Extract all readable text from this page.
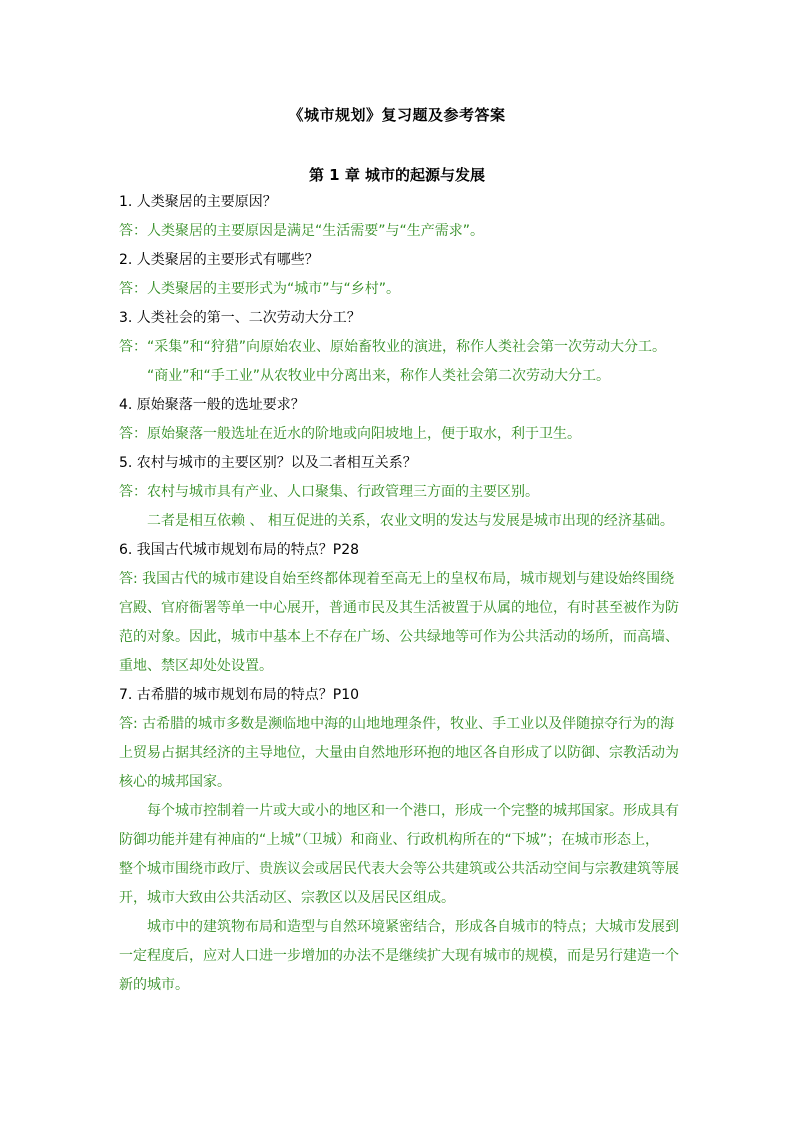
《城市规划》复习题及参考答案
第 1 章 城市的起源与发展
1. 人类聚居的主要原因？
答：人类聚居的主要原因是满足“生活需要”与“生产需求”。
2. 人类聚居的主要形式有哪些？
答：人类聚居的主要形式为“城市”与“乡村”。
3. 人类社会的第一、二次劳动大分工？
答：“采集”和“狩猎”向原始农业、原始畜牧业的演进，称作人类社会第一次劳动大分工。
“商业”和“手工业”从农牧业中分离出来，称作人类社会第二次劳动大分工。
4. 原始聚落一般的选址要求？
答：原始聚落一般选址在近水的阶地或向阳坡地上，便于取水，利于卫生。
5. 农村与城市的主要区别？以及二者相互关系？
答：农村与城市具有产业、人口聚集、行政管理三方面的主要区别。
二者是相互依赖 、 相互促进的关系，农业文明的发达与发展是城市出现的经济基础。
6. 我国古代城市规划布局的特点？P28
答: 我国古代的城市建设自始至终都体现着至高无上的皇权布局，城市规划与建设始终围绕
宫殿、官府衙署等单一中心展开，普通市民及其生活被置于从属的地位，有时甚至被作为防
范的对象。因此，城市中基本上不存在广场、公共绿地等可作为公共活动的场所，而高墙、
重地、禁区却处处设置。
7. 古希腊的城市规划布局的特点？P10
答: 古希腊的城市多数是濒临地中海的山地地理条件，牧业、手工业以及伴随掠夺行为的海
上贸易占据其经济的主导地位，大量由自然地形环抱的地区各自形成了以防御、宗教活动为
核心的城邦国家。
每个城市控制着一片或大或小的地区和一个港口，形成一个完整的城邦国家。形成具有
防御功能并建有神庙的“上城”（卫城）和商业、行政机构所在的“下城”；在城市形态上，
整个城市围绕市政厅、贵族议会或居民代表大会等公共建筑或公共活动空间与宗教建筑等展
开，城市大致由公共活动区、宗教区以及居民区组成。
城市中的建筑物布局和造型与自然环境紧密结合，形成各自城市的特点；大城市发展到
一定程度后，应对人口进一步增加的办法不是继续扩大现有城市的规模，而是另行建造一个
新的城市。
